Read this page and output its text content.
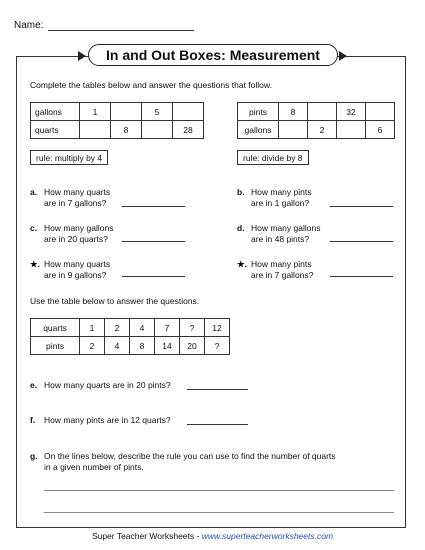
Name:
In and Out Boxes: Measurement
Complete the tables below and answer the questions that follow.
gallons	1		5	
quarts		8		28
pints	8		32	
gallons		2		6
rule: multiply by 4	rule: divide by 8
a. How many quarts
are in 7 gallons?
c. How many gallons
are in 20 quarts?
★. How many quarts
are in 9 gallons?
b. How many pints
are in 1 gallon?
d. How many gallons
are in 48 pints?
★. How many pints
are in 7 gallons?
Use the table below to answer the questions.
quarts	1	2	4	7	?	12
pints	2	4	8	14	20	?
e. How many quarts are in 20 pints?
f. How many pints are in 12 quarts?
g. On the lines below, describe the rule you can use to find the number of quarts
in a given number of pints.
Super Teacher Worksheets - www.superteacherworksheets.com
